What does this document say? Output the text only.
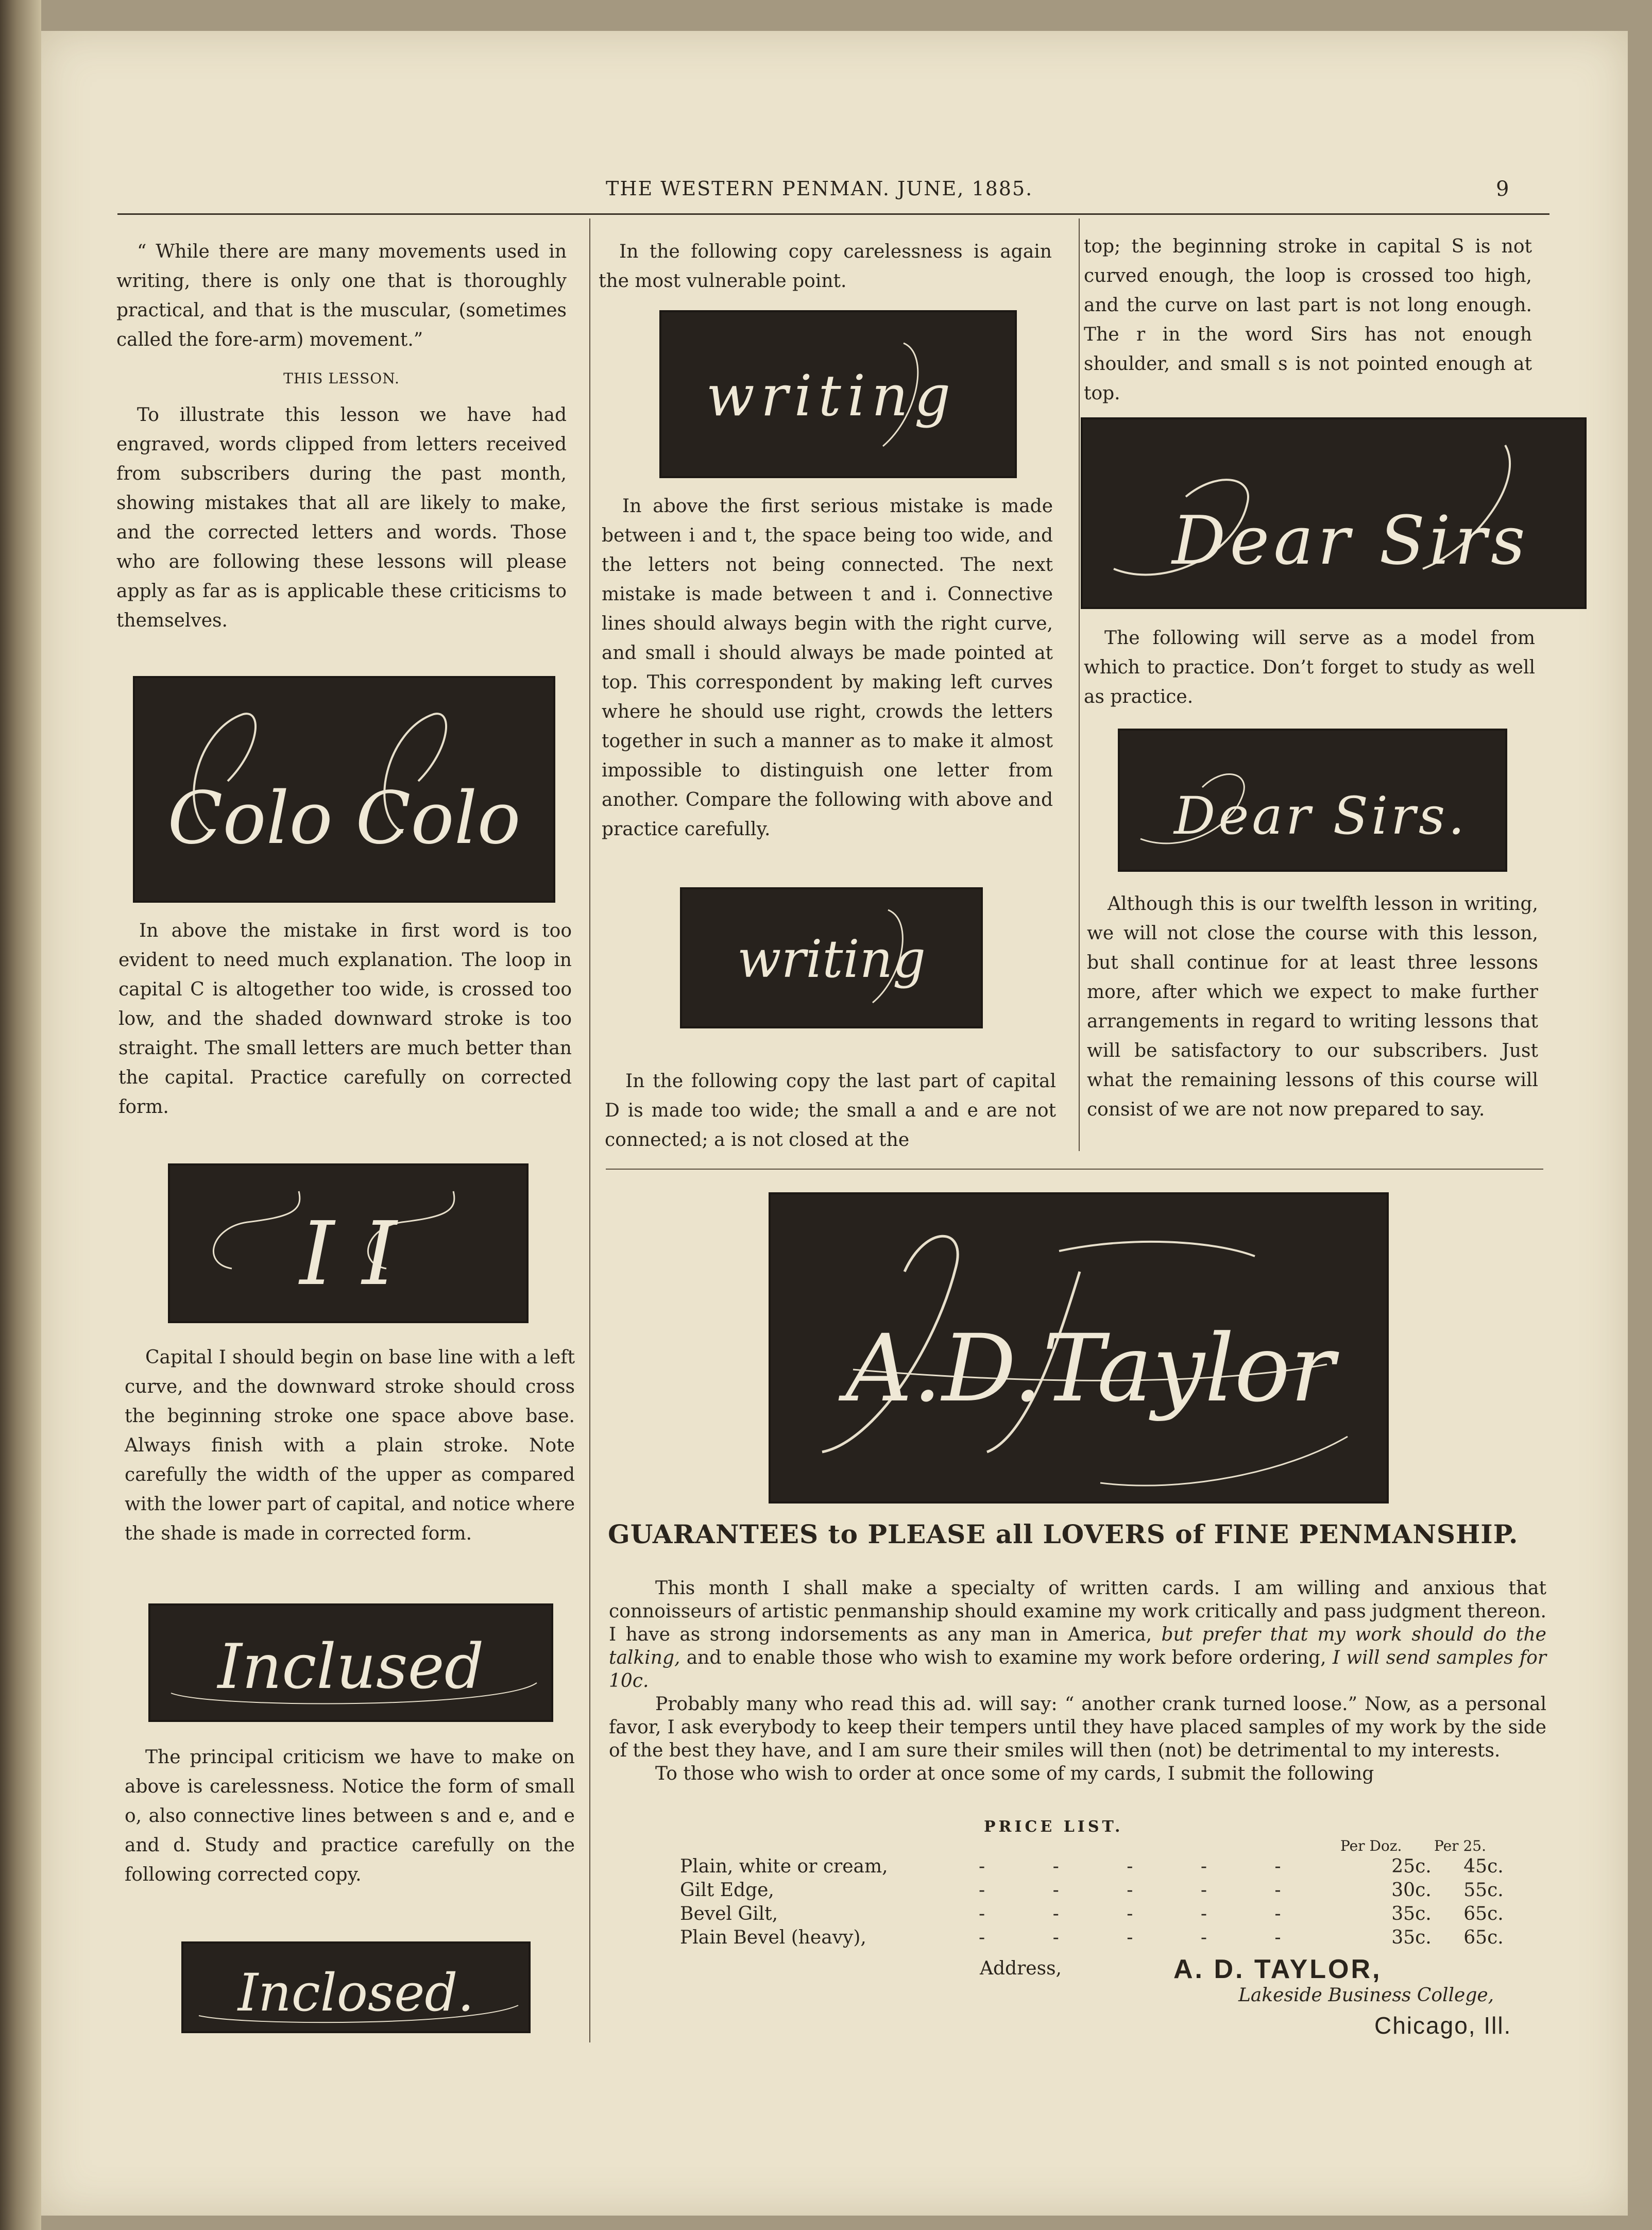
THE WESTERN PENMAN. JUNE, 1885.	9

“ While there are many movements used in writing, there is only one that is thoroughly practical, and that is the muscular, (sometimes called the fore-arm) movement.”

THIS LESSON.

To illustrate this lesson we have had engraved, words clipped from letters received from subscribers during the past month, showing mistakes that all are likely to make, and the corrected letters and words. Those who are following these lessons will please apply as far as is applicable these criticisms to themselves.

Colo Colo

In above the mistake in first word is too evident to need much explanation. The loop in capital C is altogether too wide, is crossed too low, and the shaded downward stroke is too straight. The small letters are much better than the capital. Practice carefully on corrected form.

I I

Capital I should begin on base line with a left curve, and the downward stroke should cross the beginning stroke one space above base. Always finish with a plain stroke. Note carefully the width of the upper as compared with the lower part of capital, and notice where the shade is made in corrected form.

Inclused

The principal criticism we have to make on above is carelessness. Notice the form of small o, also connective lines between s and e, and e and d. Study and practice carefully on the following corrected copy.

Inclosed.

In the following copy carelessness is again the most vulnerable point.

writing

In above the first serious mistake is made between i and t, the space being too wide, and the letters not being connected. The next mistake is made between t and i. Connective lines should always begin with the right curve, and small i should always be made pointed at top. This correspondent by making left curves where he should use right, crowds the letters together in such a manner as to make it almost impossible to distinguish one letter from another. Compare the following with above and practice carefully.

writing

In the following copy the last part of capital D is made too wide; the small a and e are not connected; a is not closed at the

top; the beginning stroke in capital S is not curved enough, the loop is crossed too high, and the curve on last part is not long enough. The r in the word Sirs has not enough shoulder, and small s is not pointed enough at top.

Dear Sirs

The following will serve as a model from which to practice. Don’t forget to study as well as practice.

Dear Sirs.

Although this is our twelfth lesson in writing, we will not close the course with this lesson, but shall continue for at least three lessons more, after which we expect to make further arrangements in regard to writing lessons that will be satisfactory to our subscribers. Just what the remaining lessons of this course will consist of we are not now prepared to say.

A.D.Taylor
GUARANTEES to PLEASE all LOVERS of FINE PENMANSHIP.

This month I shall make a specialty of written cards. I am willing and anxious that connoisseurs of artistic penmanship should examine my work critically and pass judgment thereon. I have as strong indorsements as any man in America, but prefer that my work should do the talking, and to enable those who wish to examine my work before ordering, I will send samples for 10c.

Probably many who read this ad. will say: “ another crank turned loose.” Now, as a personal favor, I ask everybody to keep their tempers until they have placed samples of my work by the side of the best they have, and I am sure their smiles will then (not) be detrimental to my interests.

To those who wish to order at once some of my cards, I submit the following

PRICE LIST.
Per Doz. Per 25.
Plain, white or cream,	- - - - -	25c.	45c.
Gilt Edge,	- - - - -	30c.	55c.
Bevel Gilt,	- - - - -	35c.	65c.
Plain Bevel (heavy),	- - - - -	35c.	65c.
Address,	A. D. TAYLOR,
Lakeside Business College,
Chicago, Ill.
